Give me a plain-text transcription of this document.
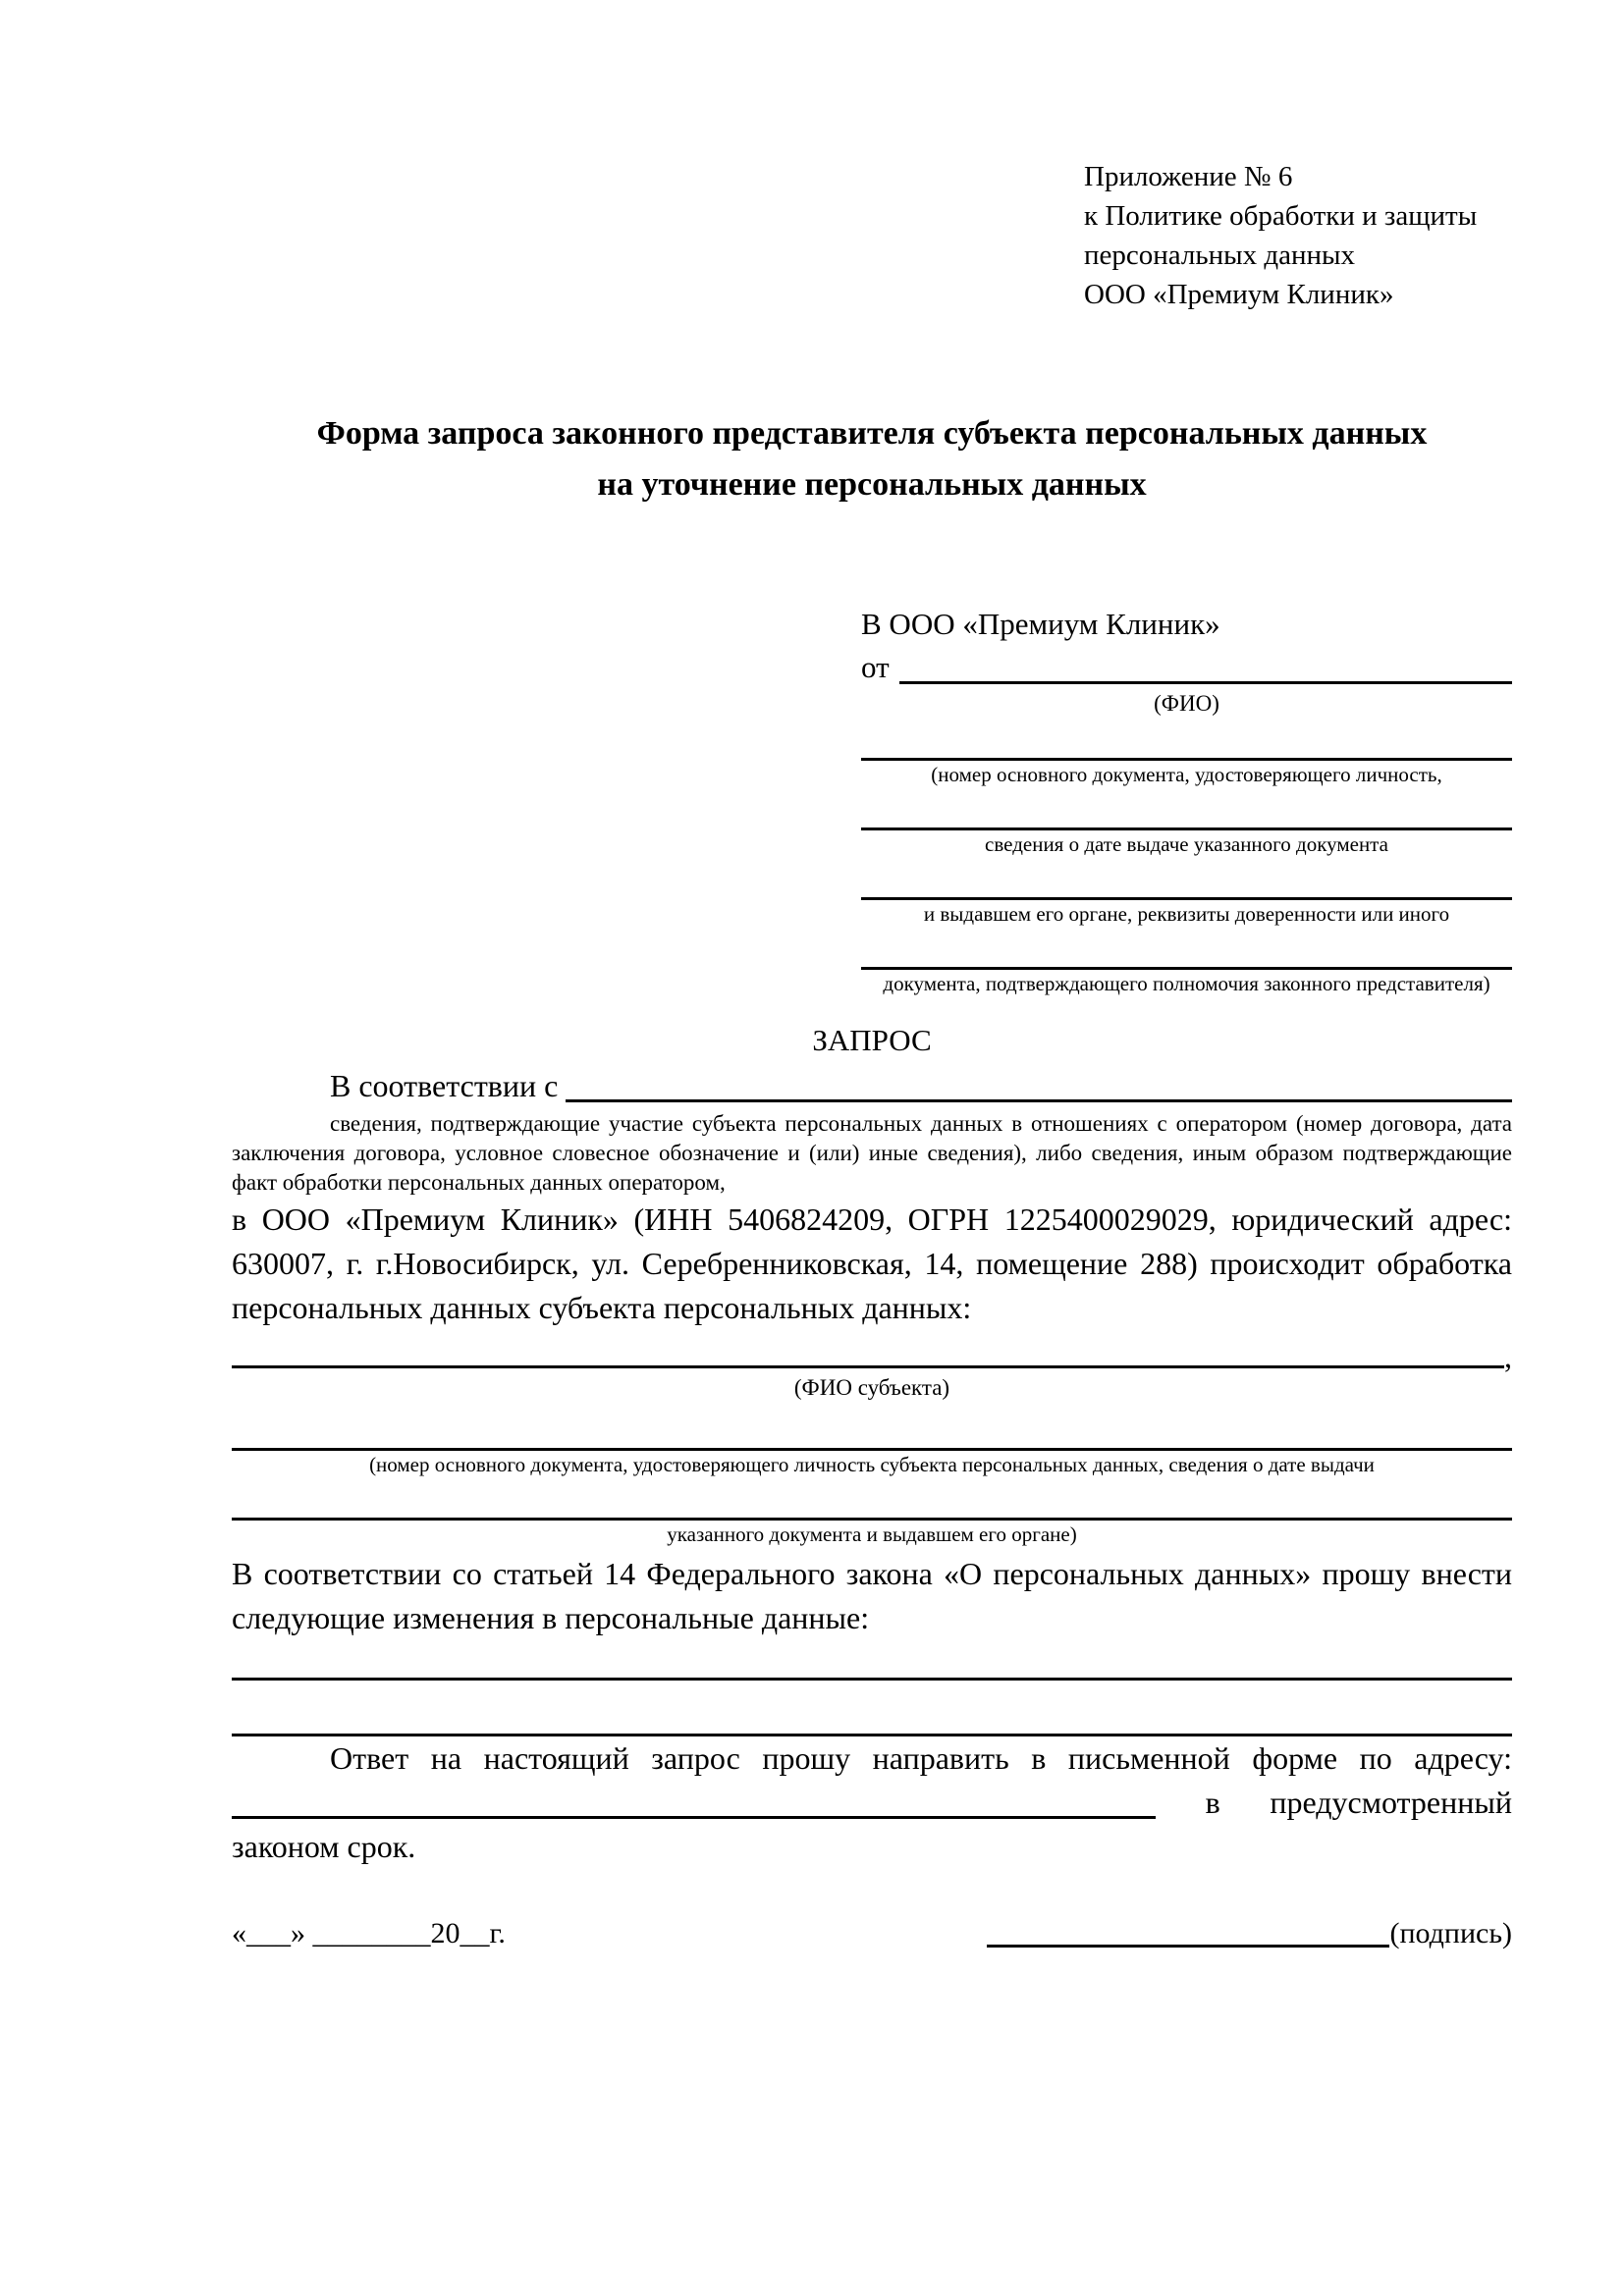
Приложение № 6
к Политике обработки и защиты
персональных данных
ООО «Премиум Клиник»
Форма запроса законного представителя субъекта персональных данных
на уточнение персональных данных
В ООО «Премиум Клиник»
от
(ФИО)
(номер основного документа, удостоверяющего личность,
сведения о дате выдаче указанного документа
и выдавшем его органе, реквизиты доверенности или иного
документа, подтверждающего полномочия законного представителя)
ЗАПРОС
В соответствии с

сведения, подтверждающие участие субъекта персональных данных в отношениях с оператором (номер договора, дата заключения договора, условное словесное обозначение и (или) иные сведения), либо сведения, иным образом подтверждающие факт обработки персональных данных оператором,

в ООО «Премиум Клиник» (ИНН 5406824209, ОГРН 1225400029029, юридический адрес: 630007, г. г.Новосибирск, ул. Серебренниковская, 14, помещение 288) происходит обработка персональных данных субъекта персональных данных:

,
(ФИО субъекта)
(номер основного документа, удостоверяющего личность субъекта персональных данных, сведения о дате выдачи
указанного документа и выдавшем его органе)

В соответствии со статьей 14 Федерального закона «О персональных данных» прошу внести следующие изменения в персональные данные:

Ответ на настоящий запрос прошу направить в письменной форме по адресу:
в предусмотренный
законом срок.
«___» ________20__г.	(подпись)
